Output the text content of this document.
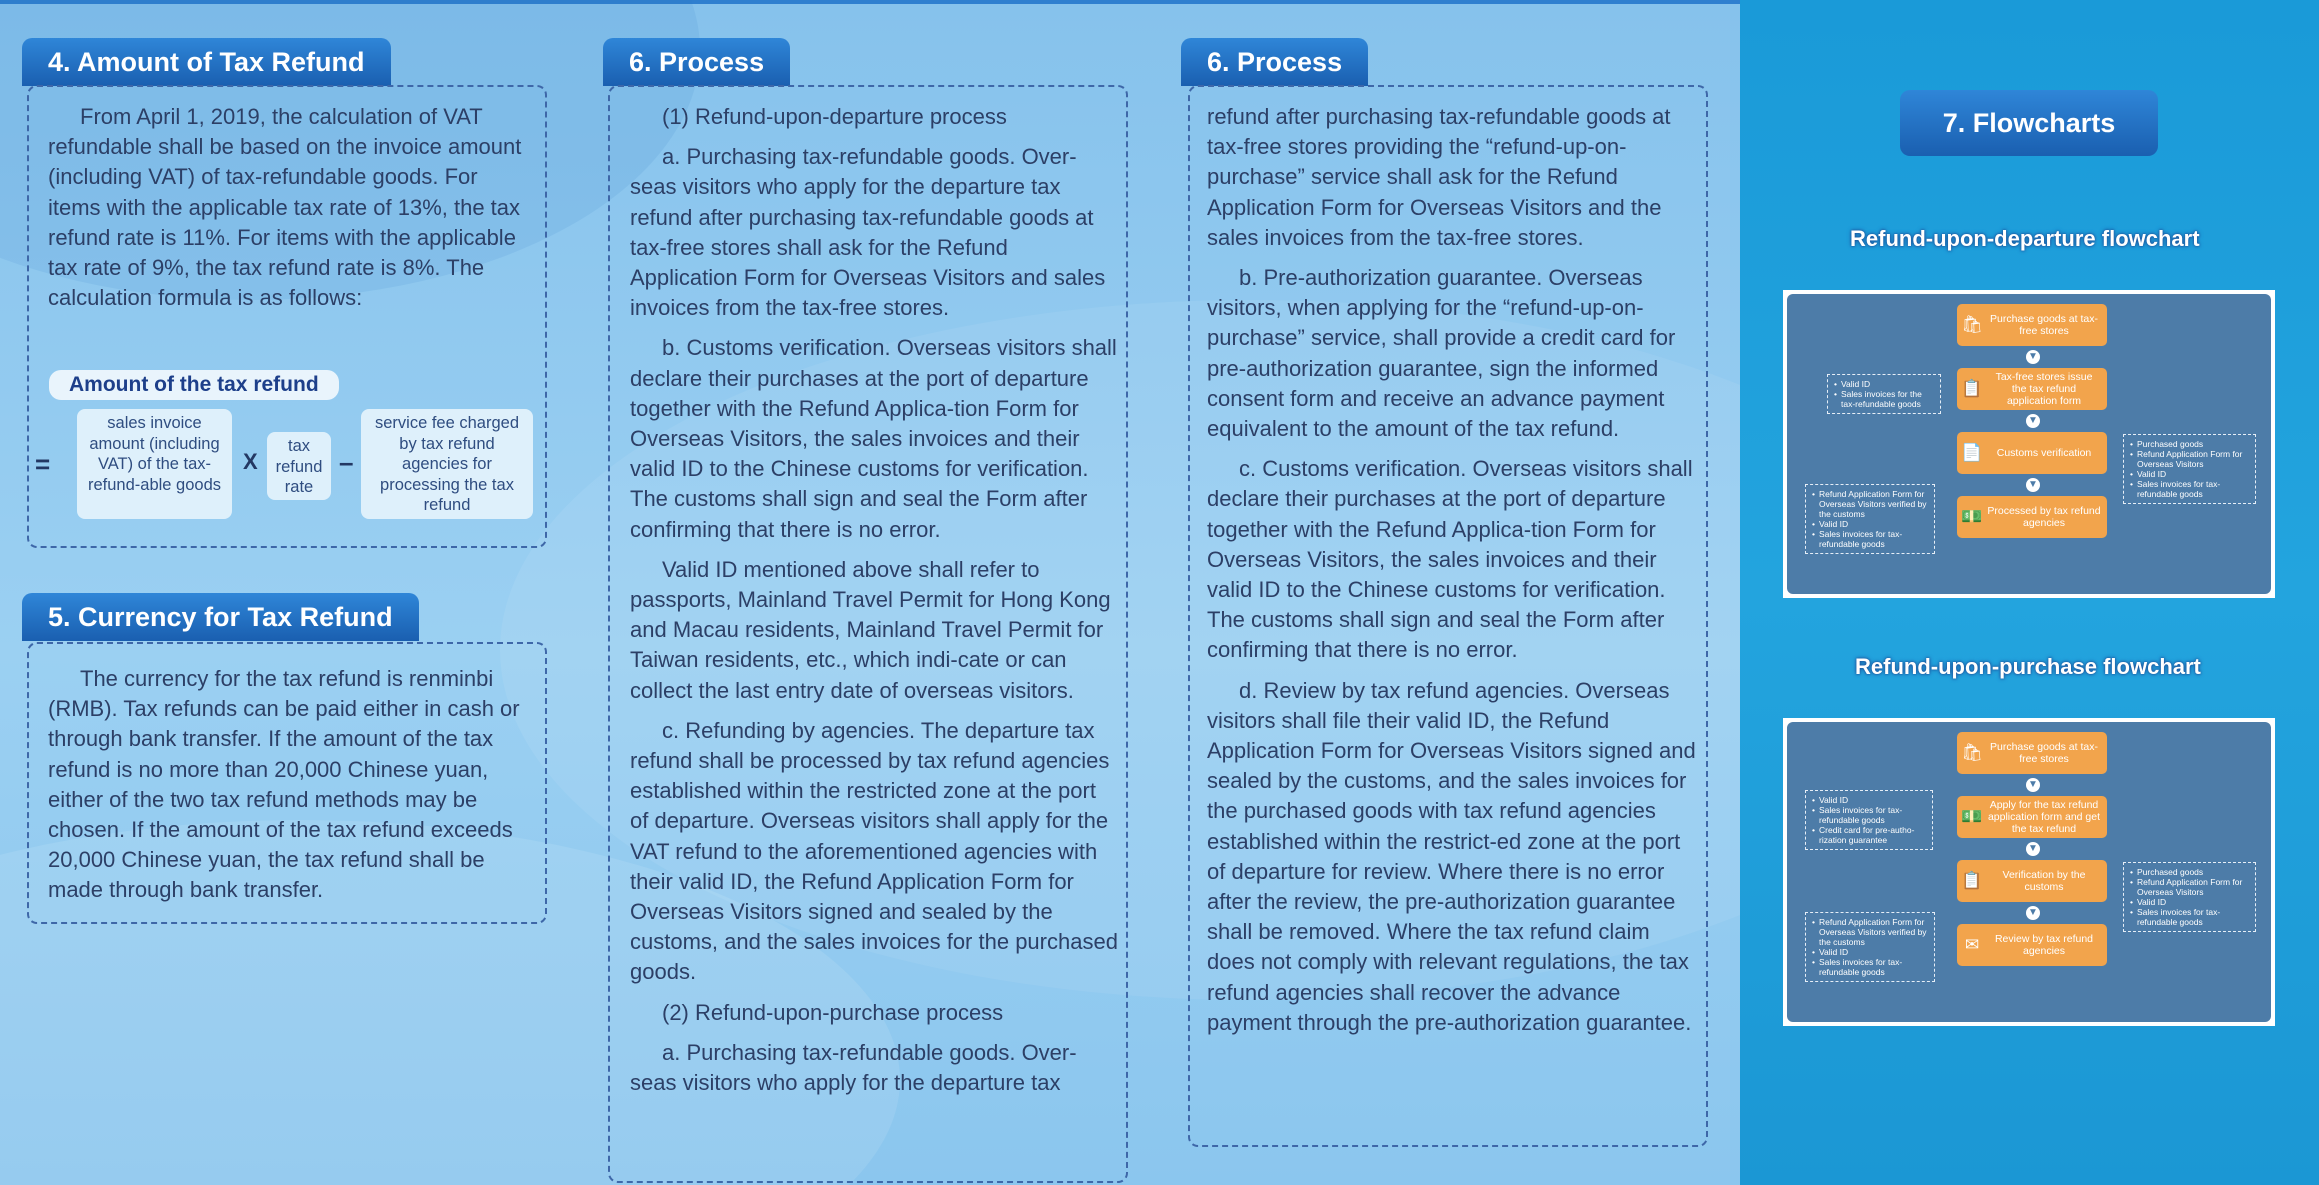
4. Amount of Tax Refund

From April 1, 2019, the calculation of VAT refundable shall be based on the invoice amount (including VAT) of tax-refundable goods. For items with the applicable tax rate of 13%, the tax refund rate is 11%. For items with the applicable tax rate of 9%, the tax refund rate is 8%. The calculation formula is as follows:

Amount of the tax refund
=
sales invoice amount (including VAT) of the tax-refund-able goods
X
tax refund rate
–
service fee charged by tax refund agencies for processing the tax refund
5. Currency for Tax Refund

The currency for the tax refund is renminbi (RMB). Tax refunds can be paid either in cash or through bank transfer. If the amount of the tax refund is no more than 20,000 Chinese yuan, either of the two tax refund methods may be chosen. If the amount of the tax refund exceeds 20,000 Chinese yuan, the tax refund shall be made through bank transfer.

6. Process

(1) Refund-upon-departure process

a. Purchasing tax-refundable goods. Over-seas visitors who apply for the departure tax refund after purchasing tax-refundable goods at tax-free stores shall ask for the Refund Application Form for Overseas Visitors and sales invoices from the tax-free stores.

b. Customs verification. Overseas visitors shall declare their purchases at the port of departure together with the Refund Applica-tion Form for Overseas Visitors, the sales invoices and their valid ID to the Chinese customs for verification. The customs shall sign and seal the Form after confirming that there is no error.

Valid ID mentioned above shall refer to passports, Mainland Travel Permit for Hong Kong and Macau residents, Mainland Travel Permit for Taiwan residents, etc., which indi-cate or can collect the last entry date of overseas visitors.

c. Refunding by agencies. The departure tax refund shall be processed by tax refund agencies established within the restricted zone at the port of departure. Overseas visitors shall apply for the VAT refund to the aforementioned agencies with their valid ID, the Refund Application Form for Overseas Visitors signed and sealed by the customs, and the sales invoices for the purchased goods.

(2) Refund-upon-purchase process

a. Purchasing tax-refundable goods. Over-seas visitors who apply for the departure tax

6. Process

refund after purchasing tax-refundable goods at tax-free stores providing the “refund-up-on-purchase” service shall ask for the Refund Application Form for Overseas Visitors and the sales invoices from the tax-free stores.

b. Pre-authorization guarantee. Overseas visitors, when applying for the “refund-up-on-purchase” service, shall provide a credit card for pre-authorization guarantee, sign the informed consent form and receive an advance payment equivalent to the amount of the tax refund.

c. Customs verification. Overseas visitors shall declare their purchases at the port of departure together with the Refund Applica-tion Form for Overseas Visitors, the sales invoices and their valid ID to the Chinese customs for verification. The customs shall sign and seal the Form after confirming that there is no error.

d. Review by tax refund agencies. Overseas visitors shall file their valid ID, the Refund Application Form for Overseas Visitors signed and sealed by the customs, and the sales invoices for the purchased goods with tax refund agencies established within the restrict-ed zone at the port of departure for review. Where there is no error after the review, the pre-authorization guarantee shall be removed. Where the tax refund claim does not comply with relevant regulations, the tax refund agencies shall recover the advance payment through the pre-authorization guarantee.

7. Flowcharts
Refund-upon-departure flowchart
🛍 Purchase goods at tax-free stores
▼
📋
Tax-free stores issue the tax refund application form
▼
📄	Customs verification
▼
💵 Processed by tax refund agencies
• Valid ID
• Sales invoices for the tax-refundable goods
• Purchased goods
• Refund Application Form for Overseas Visitors
• Valid ID
• Sales invoices for tax-refundable goods
• Refund Application Form for Overseas Visitors verified by the customs
• Valid ID
• Sales invoices for tax-refundable goods
Refund-upon-purchase flowchart
🛍 Purchase goods at tax-free stores
▼
💵
Apply for the tax refund application form and get the tax refund
▼
📋	Verification by the customs
▼
✉	Review by tax refund agencies
• Valid ID
• Sales invoices for tax-refundable goods
• Credit card for pre-autho-rization guarantee
• Purchased goods
• Refund Application Form for Overseas Visitors
• Valid ID
• Sales invoices for tax-refundable goods
• Refund Application Form for Overseas Visitors verified by the customs
• Valid ID
• Sales invoices for tax-refundable goods
